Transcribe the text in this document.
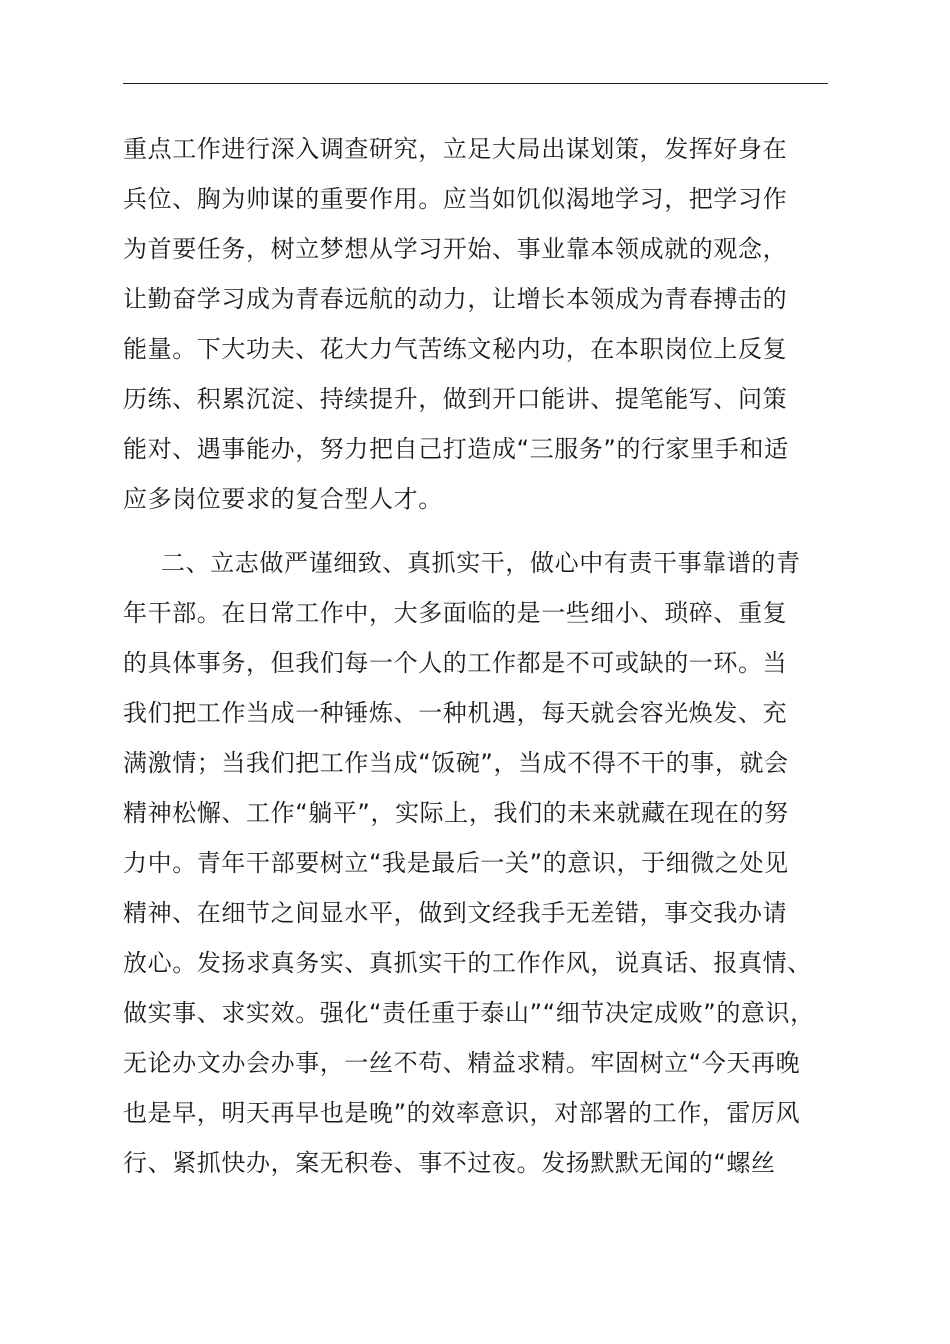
重点工作进行深入调查研究，立足大局出谋划策，发挥好身在
兵位、胸为帅谋的重要作用。应当如饥似渴地学习，把学习作
为首要任务，树立梦想从学习开始、事业靠本领成就的观念，
让勤奋学习成为青春远航的动力，让增长本领成为青春搏击的
能量。下大功夫、花大力气苦练文秘内功，在本职岗位上反复
历练、积累沉淀、持续提升，做到开口能讲、提笔能写、问策
能对、遇事能办，努力把自己打造成“三服务”的行家里手和适
应多岗位要求的复合型人才。
二、立志做严谨细致、真抓实干，做心中有责干事靠谱的青
年干部。在日常工作中，大多面临的是一些细小、琐碎、重复
的具体事务，但我们每一个人的工作都是不可或缺的一环。当
我们把工作当成一种锤炼、一种机遇，每天就会容光焕发、充
满激情；当我们把工作当成“饭碗”，当成不得不干的事，就会
精神松懈、工作“躺平”，实际上，我们的未来就藏在现在的努
力中。青年干部要树立“我是最后一关”的意识，于细微之处见
精神、在细节之间显水平，做到文经我手无差错，事交我办请
放心。发扬求真务实、真抓实干的工作作风，说真话、报真情、
做实事、求实效。强化“责任重于泰山”“细节决定成败”的意识，
无论办文办会办事，一丝不苟、精益求精。牢固树立“今天再晚
也是早，明天再早也是晚”的效率意识，对部署的工作，雷厉风
行、紧抓快办，案无积卷、事不过夜。发扬默默无闻的“螺丝
